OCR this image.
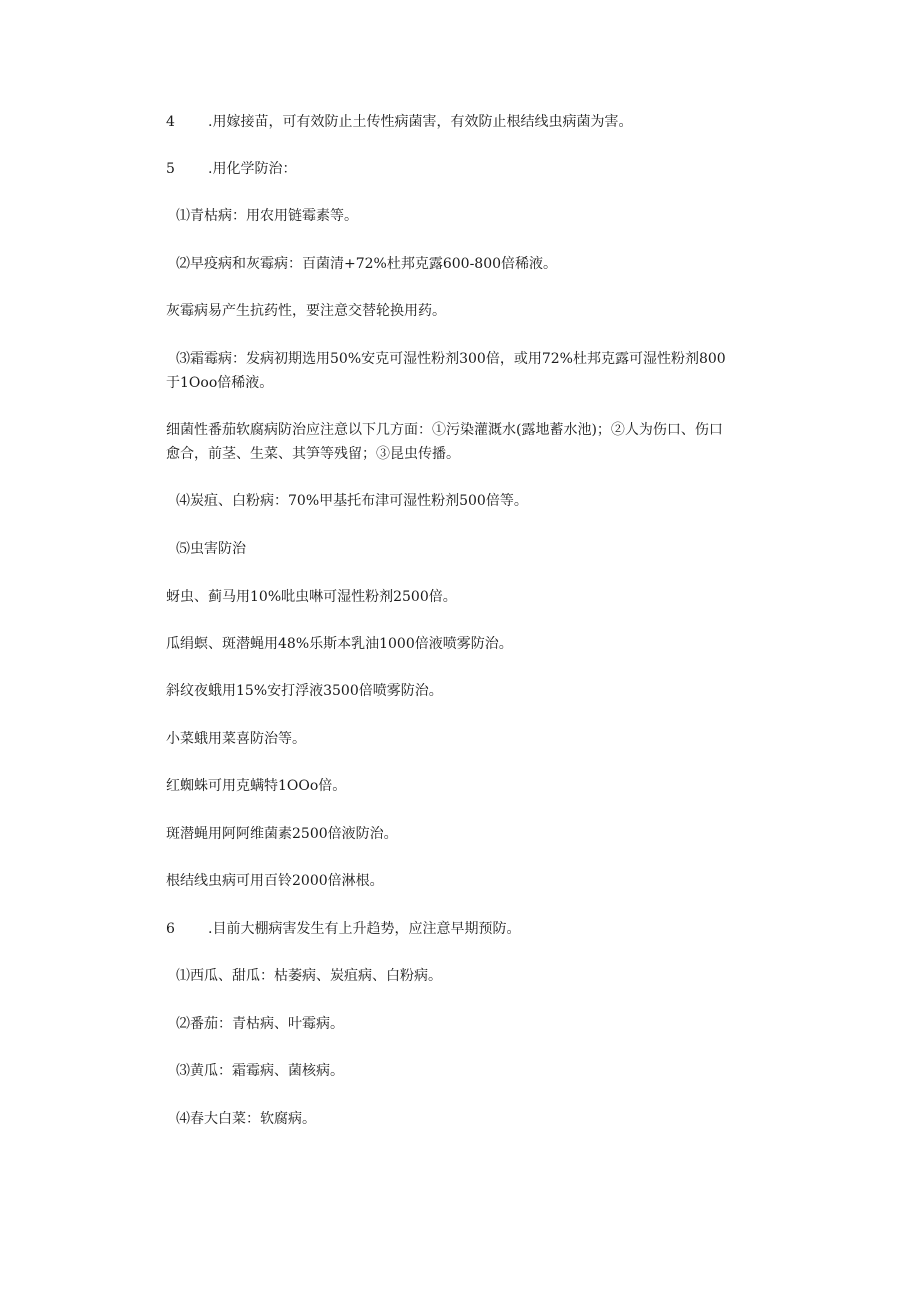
4 .用嫁接苗，可有效防止土传性病菌害，有效防止根结线虫病菌为害。
5 .用化学防治：
⑴青枯病：用农用链霉素等。
⑵早疫病和灰霉病：百菌清+72%杜邦克露600-800倍稀液。
灰霉病易产生抗药性，要注意交替轮换用药。
⑶霜霉病：发病初期选用50%安克可湿性粉剂300倍，或用72%杜邦克露可湿性粉剂800
于1Ooo倍稀液。
细菌性番茄软腐病防治应注意以下几方面：①污染灌溉水(露地蓄水池)；②人为伤口、伤口
愈合，前茎、生菜、其笋等残留；③昆虫传播。
⑷炭疽、白粉病：70%甲基托布津可湿性粉剂500倍等。
⑸虫害防治
蚜虫、蓟马用10%吡虫啉可湿性粉剂2500倍。
瓜绢螟、斑潜蝇用48%乐斯本乳油1000倍液喷雾防治。
斜纹夜蛾用15%安打浮液3500倍喷雾防治。
小菜蛾用菜喜防治等。
红蜘蛛可用克螨特1OOo倍。
斑潜蝇用阿阿维菌素2500倍液防治。
根结线虫病可用百铃2000倍淋根。
6 .目前大棚病害发生有上升趋势，应注意早期预防。
⑴西瓜、甜瓜：枯萎病、炭疽病、白粉病。
⑵番茄：青枯病、叶霉病。
⑶黄瓜：霜霉病、菌核病。
⑷春大白菜：软腐病。
